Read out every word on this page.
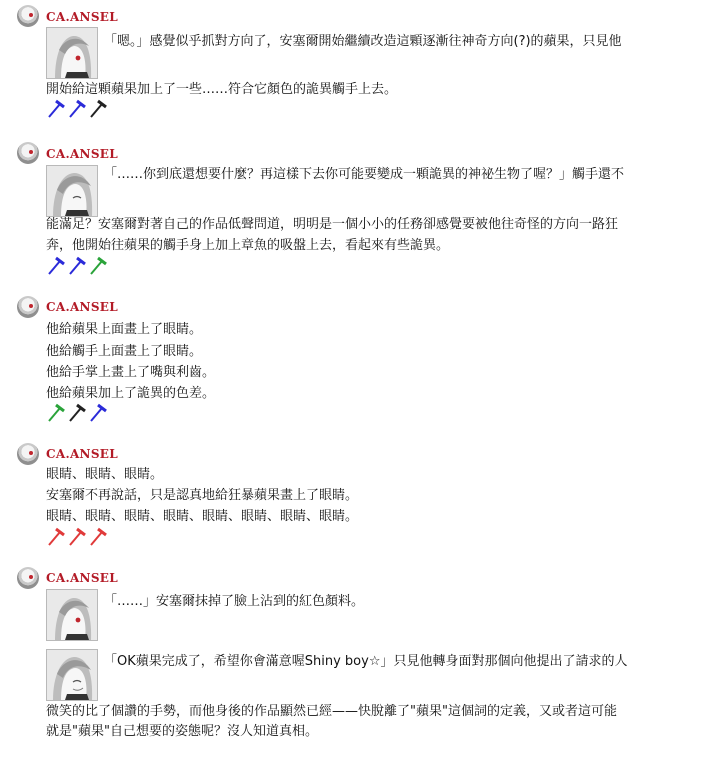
CA.ANSEL
「嗯。」感覺似乎抓對方向了，安塞爾開始繼續改造這顆逐漸往神奇方向(?)的蘋果，只見他
開始給這顆蘋果加上了一些……符合它顏色的詭異觸手上去。
CA.ANSEL
「……你到底還想要什麼？再這樣下去你可能要變成一顆詭異的神祕生物了喔？」觸手還不
能滿足？安塞爾對著自己的作品低聲問道，明明是一個小小的任務卻感覺要被他往奇怪的方向一路狂
奔，他開始往蘋果的觸手身上加上章魚的吸盤上去，看起來有些詭異。
CA.ANSEL
他給蘋果上面畫上了眼睛。
他給觸手上面畫上了眼睛。
他給手掌上畫上了嘴與利齒。
他給蘋果加上了詭異的色差。
CA.ANSEL
眼睛、眼睛、眼睛。
安塞爾不再說話，只是認真地給狂暴蘋果畫上了眼睛。
眼睛、眼睛、眼睛、眼睛、眼睛、眼睛、眼睛、眼睛。
CA.ANSEL
「……」安塞爾抹掉了臉上沾到的紅色顏料。
「OK蘋果完成了，希望你會滿意喔Shiny boy☆」只見他轉身面對那個向他提出了請求的人
微笑的比了個讚的手勢，而他身後的作品顯然已經——快脫離了"蘋果"這個詞的定義，又或者這可能
就是"蘋果"自己想要的姿態呢？沒人知道真相。
